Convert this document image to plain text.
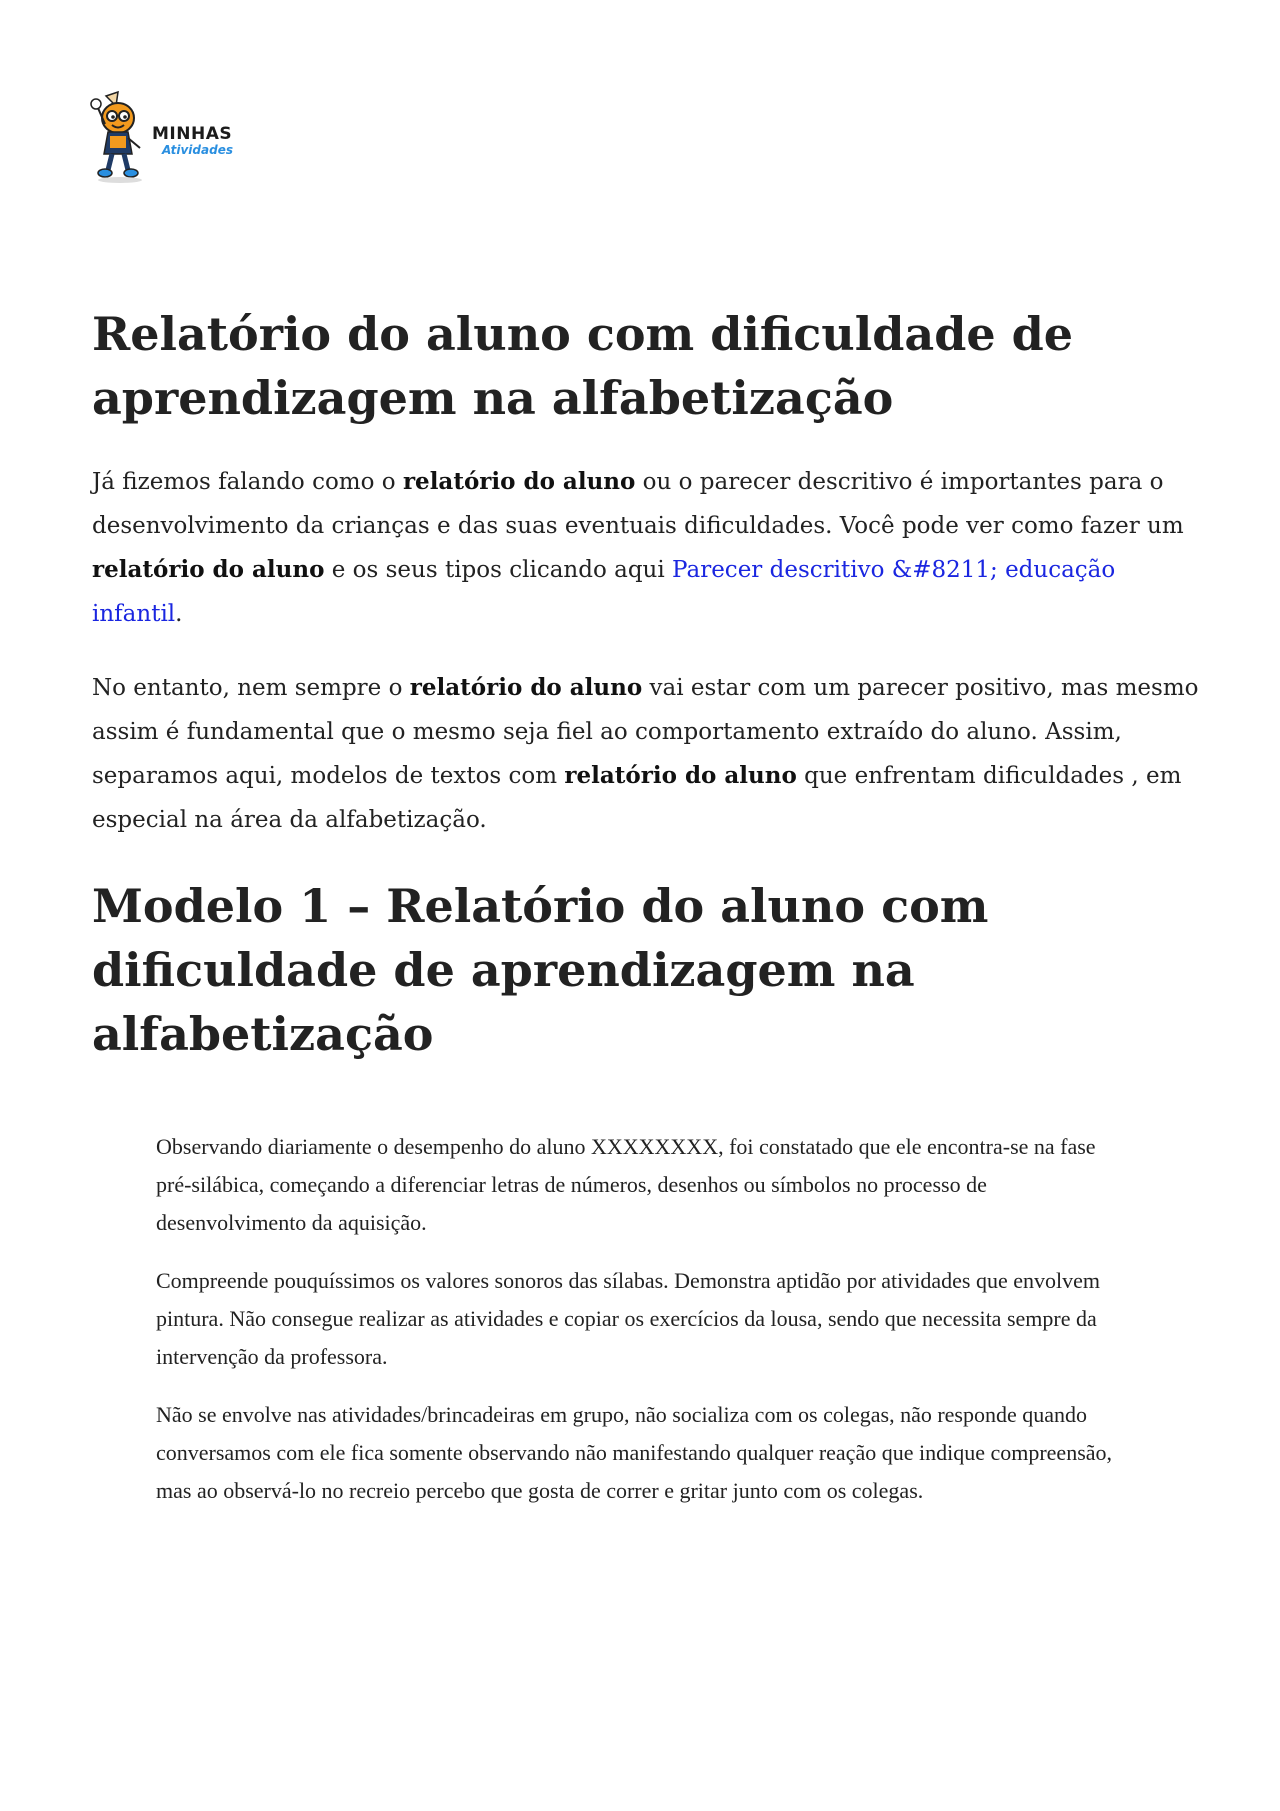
MINHAS
Atividades
Relatório do aluno com dificuldade de aprendizagem na alfabetização

Já fizemos falando como o relatório do aluno ou o parecer descritivo é importantes para o desenvolvimento da crianças e das suas eventuais dificuldades. Você pode ver como fazer um relatório do aluno e os seus tipos clicando aqui Parecer descritivo &#8211; educação infantil.

No entanto, nem sempre o relatório do aluno vai estar com um parecer positivo, mas mesmo assim é fundamental que o mesmo seja fiel ao comportamento extraído do aluno. Assim, separamos aqui, modelos de textos com relatório do aluno que enfrentam dificuldades , em especial na área da alfabetização.

Modelo 1 – Relatório do aluno com dificuldade de aprendizagem na alfabetização

Observando diariamente o desempenho do aluno XXXXXXXX, foi constatado que ele encontra-se na fase pré-silábica, começando a diferenciar letras de números, desenhos ou símbolos no processo de desenvolvimento da aquisição.

Compreende pouquíssimos os valores sonoros das sílabas. Demonstra aptidão por atividades que envolvem pintura. Não consegue realizar as atividades e copiar os exercícios da lousa, sendo que necessita sempre da intervenção da professora.

Não se envolve nas atividades/brincadeiras em grupo, não socializa com os colegas, não responde quando conversamos com ele fica somente observando não manifestando qualquer reação que indique compreensão, mas ao observá-lo no recreio percebo que gosta de correr e gritar junto com os colegas.
